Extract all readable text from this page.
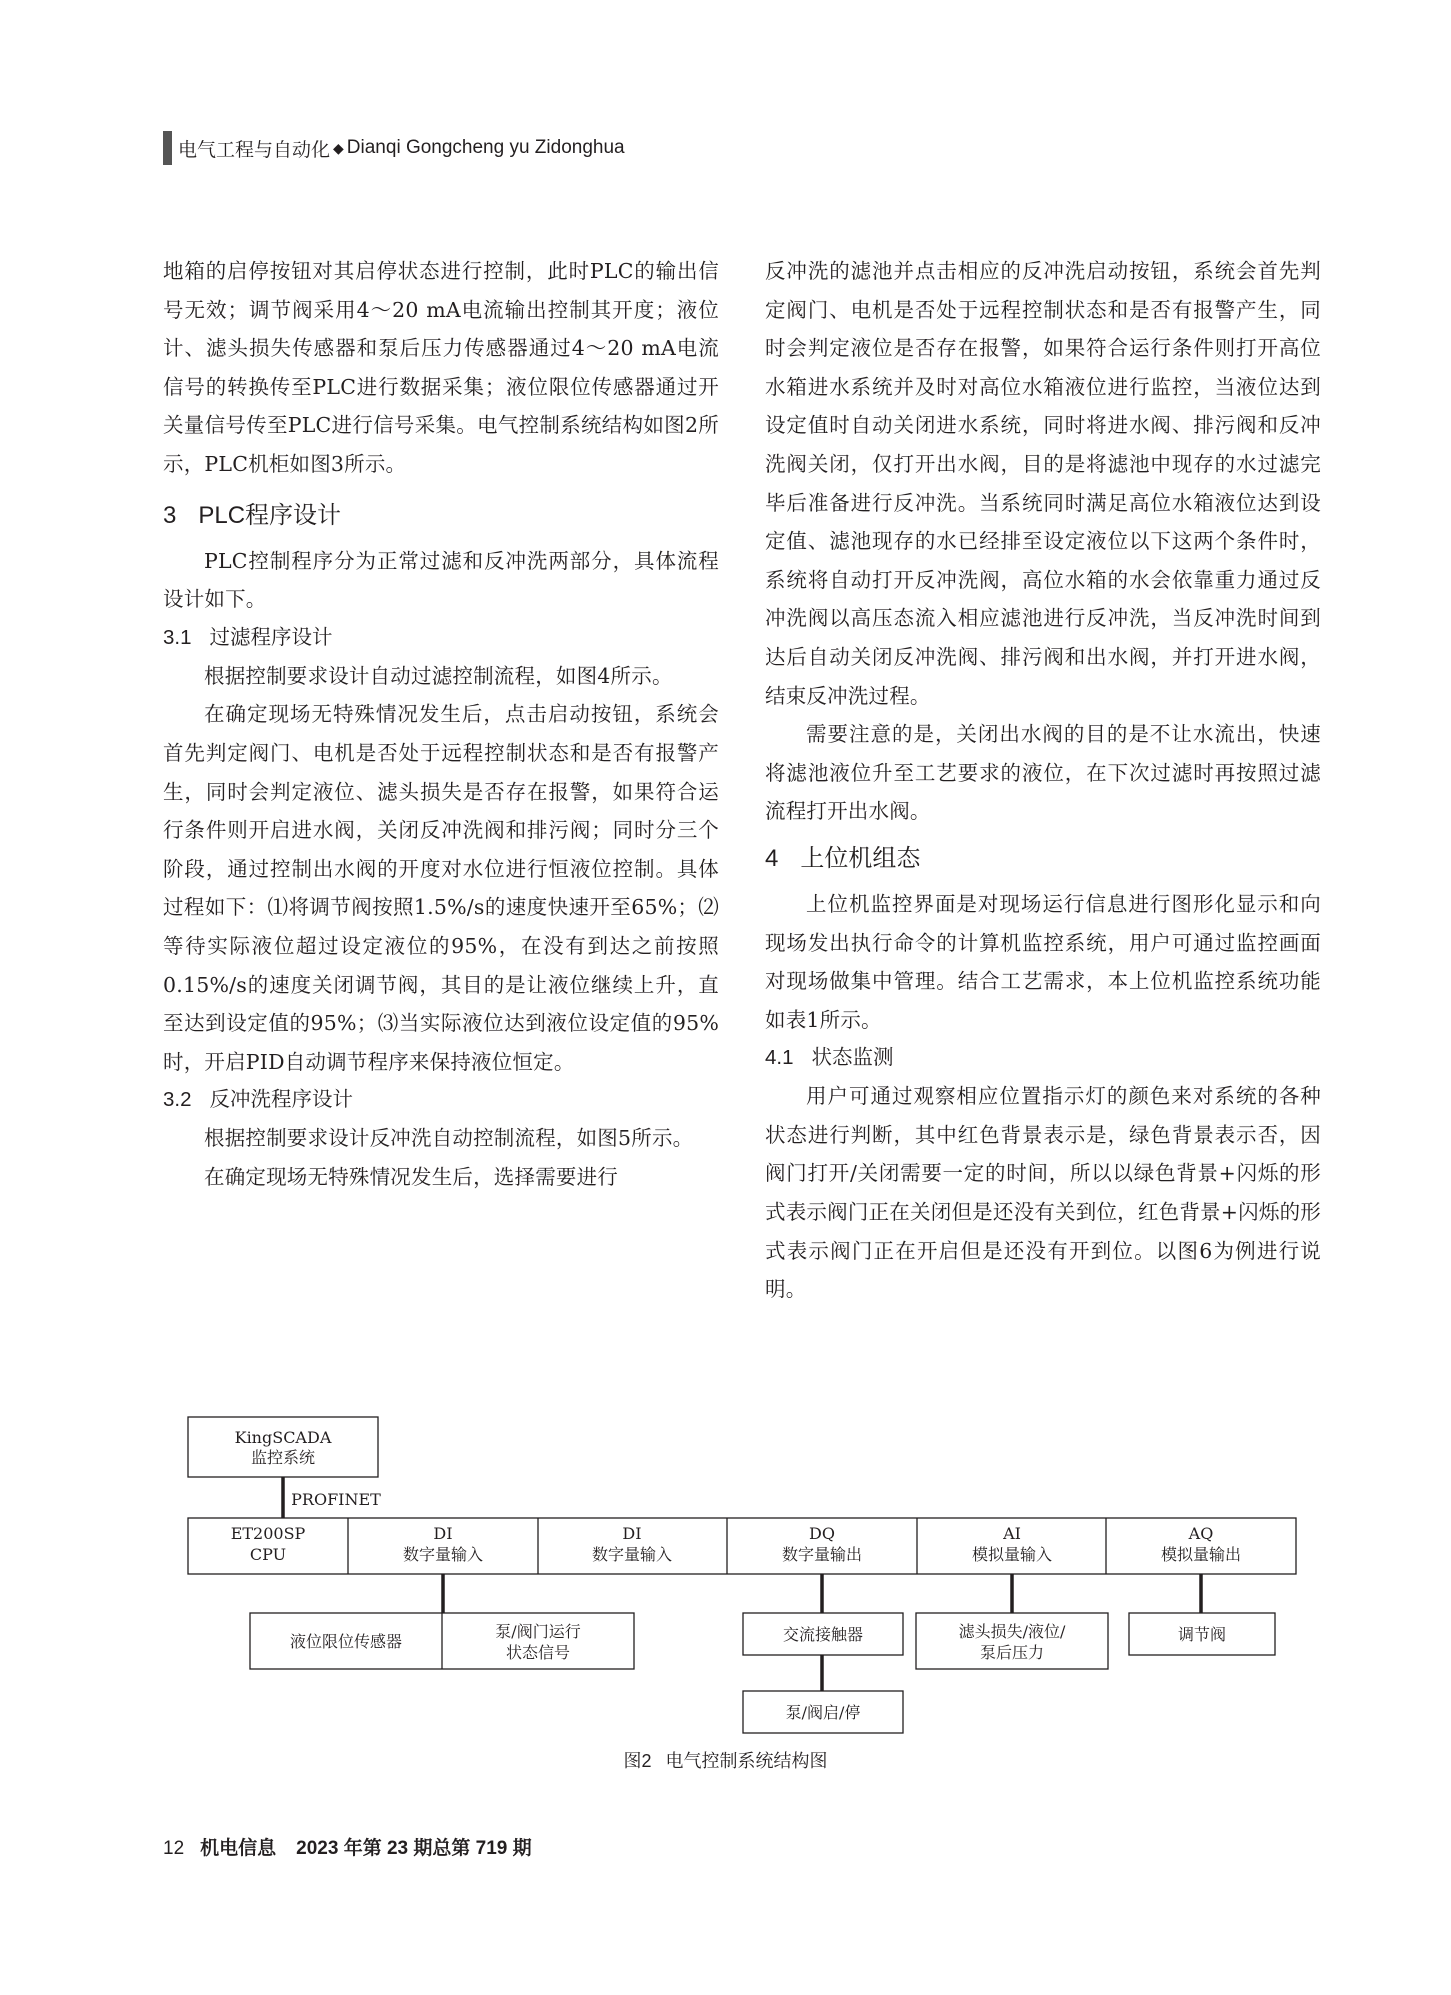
电气工程与自动化 ◆ Dianqi Gongcheng yu Zidonghua

地箱的启停按钮对其启停状态进行控制，此时PLC的输出信号无效；调节阀采用4～20 mA电流输出控制其开度；液位计、滤头损失传感器和泵后压力传感器通过4～20 mA电流信号的转换传至PLC进行数据采集；液位限位传感器通过开关量信号传至PLC进行信号采集。电气控制系统结构如图2所示，PLC机柜如图3所示。

3 PLC程序设计

PLC控制程序分为正常过滤和反冲洗两部分，具体流程设计如下。

3.1 过滤程序设计

根据控制要求设计自动过滤控制流程，如图4所示。

在确定现场无特殊情况发生后，点击启动按钮，系统会首先判定阀门、电机是否处于远程控制状态和是否有报警产生，同时会判定液位、滤头损失是否存在报警，如果符合运行条件则开启进水阀，关闭反冲洗阀和排污阀；同时分三个阶段，通过控制出水阀的开度对水位进行恒液位控制。具体过程如下：⑴将调节阀按照1.5%/s的速度快速开至65%；⑵等待实际液位超过设定液位的95%，在没有到达之前按照0.15%/s的速度关闭调节阀，其目的是让液位继续上升，直至达到设定值的95%；⑶当实际液位达到液位设定值的95%时，开启PID自动调节程序来保持液位恒定。

3.2 反冲洗程序设计

根据控制要求设计反冲洗自动控制流程，如图5所示。

在确定现场无特殊情况发生后，选择需要进行

反冲洗的滤池并点击相应的反冲洗启动按钮，系统会首先判定阀门、电机是否处于远程控制状态和是否有报警产生，同时会判定液位是否存在报警，如果符合运行条件则打开高位水箱进水系统并及时对高位水箱液位进行监控，当液位达到设定值时自动关闭进水系统，同时将进水阀、排污阀和反冲洗阀关闭，仅打开出水阀，目的是将滤池中现存的水过滤完毕后准备进行反冲洗。当系统同时满足高位水箱液位达到设定值、滤池现存的水已经排至设定液位以下这两个条件时，系统将自动打开反冲洗阀，高位水箱的水会依靠重力通过反冲洗阀以高压态流入相应滤池进行反冲洗，当反冲洗时间到达后自动关闭反冲洗阀、排污阀和出水阀，并打开进水阀，结束反冲洗过程。

需要注意的是，关闭出水阀的目的是不让水流出，快速将滤池液位升至工艺要求的液位，在下次过滤时再按照过滤流程打开出水阀。

4 上位机组态

上位机监控界面是对现场运行信息进行图形化显示和向现场发出执行命令的计算机监控系统，用户可通过监控画面对现场做集中管理。结合工艺需求，本上位机监控系统功能如表1所示。

4.1 状态监测

用户可通过观察相应位置指示灯的颜色来对系统的各种状态进行判断，其中红色背景表示是，绿色背景表示否，因阀门打开/关闭需要一定的时间，所以以绿色背景+闪烁的形式表示阀门正在关闭但是还没有关到位，红色背景+闪烁的形式表示阀门正在开启但是还没有开到位。以图6为例进行说明。

KingSCADA
监控系统
PROFINET
ET200SP
CPU
DI
数字量输入
DI
数字量输入
DQ
数字量输出
AI
模拟量输入
AQ
模拟量输出
液位限位传感器
泵/阀门运行
状态信号
交流接触器
泵/阀启/停
滤头损失/液位/
泵后压力
调节阀
图2 电气控制系统结构图
12 机电信息 2023 年第 23 期总第 719 期
